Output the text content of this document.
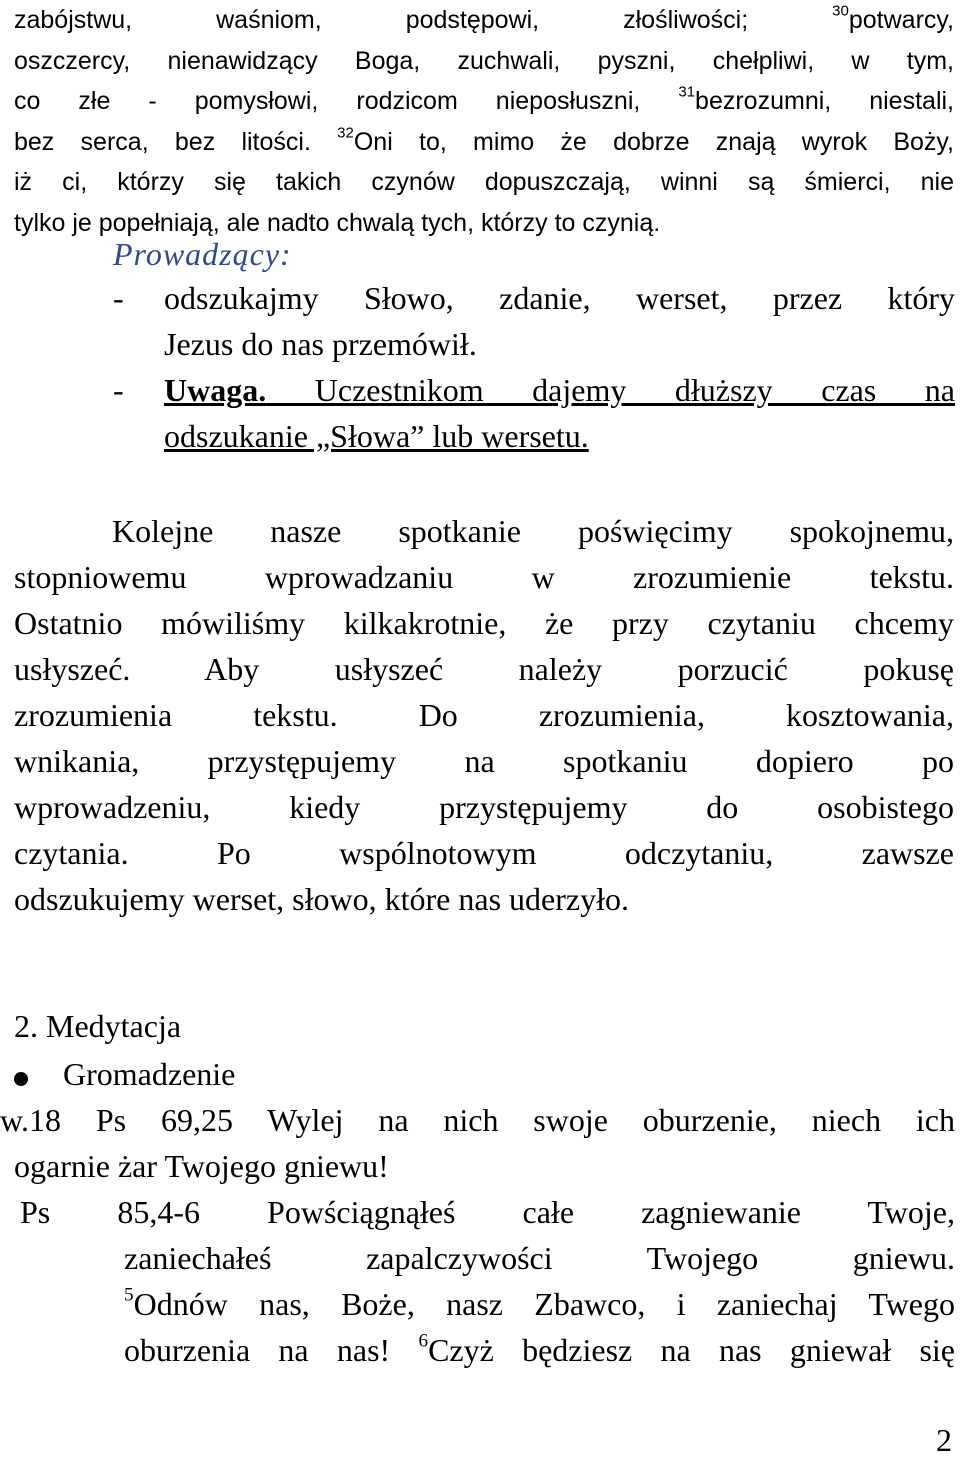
zabójstwu, waśniom, podstępowi, złośliwości;	$^{30}$potwarcy,
oszczercy, nienawidzący Boga, zuchwali, pyszni, chełpliwi, w tym,
co złe - pomysłowi, rodzicom nieposłuszni,	$^{31}$bezrozumni, niestali,
bez serca, bez litości. $^{32}$Oni to, mimo że dobrze znają wyrok Boży,
iż ci, którzy się takich czynów dopuszczają, winni są śmierci, nie
tylko je popełniają, ale nadto chwalą tych, którzy to czynią.
Prowadzący:
- odszukajmy Słowo, zdanie, werset, przez który
Jezus do nas przemówił.
- Uwaga. Uczestnikom dajemy dłuższy czas na
odszukanie „Słowa” lub wersetu.
Kolejne nasze spotkanie poświęcimy spokojnemu,
stopniowemu wprowadzaniu w zrozumienie tekstu.
Ostatnio mówiliśmy kilkakrotnie, że przy czytaniu chcemy
usłyszeć. Aby usłyszeć należy porzucić pokusę
zrozumienia tekstu. Do zrozumienia, kosztowania,
wnikania, przystępujemy na spotkaniu dopiero po
wprowadzeniu, kiedy przystępujemy do osobistego
czytania. Po wspólnotowym odczytaniu, zawsze
odszukujemy werset, słowo, które nas uderzyło.
2. Medytacja
Gromadzenie
w.18 Ps 69,25 Wylej na nich swoje oburzenie, niech ich
ogarnie żar Twojego gniewu!
Ps 85,4-6 Powściągnąłeś całe zagniewanie Twoje,
zaniechałeś zapalczywości Twojego gniewu.
$^5$Odnów nas, Boże, nasz Zbawco, i zaniechaj Twego
oburzenia na nas! $^6$Czyż będziesz na nas gniewał się
2
